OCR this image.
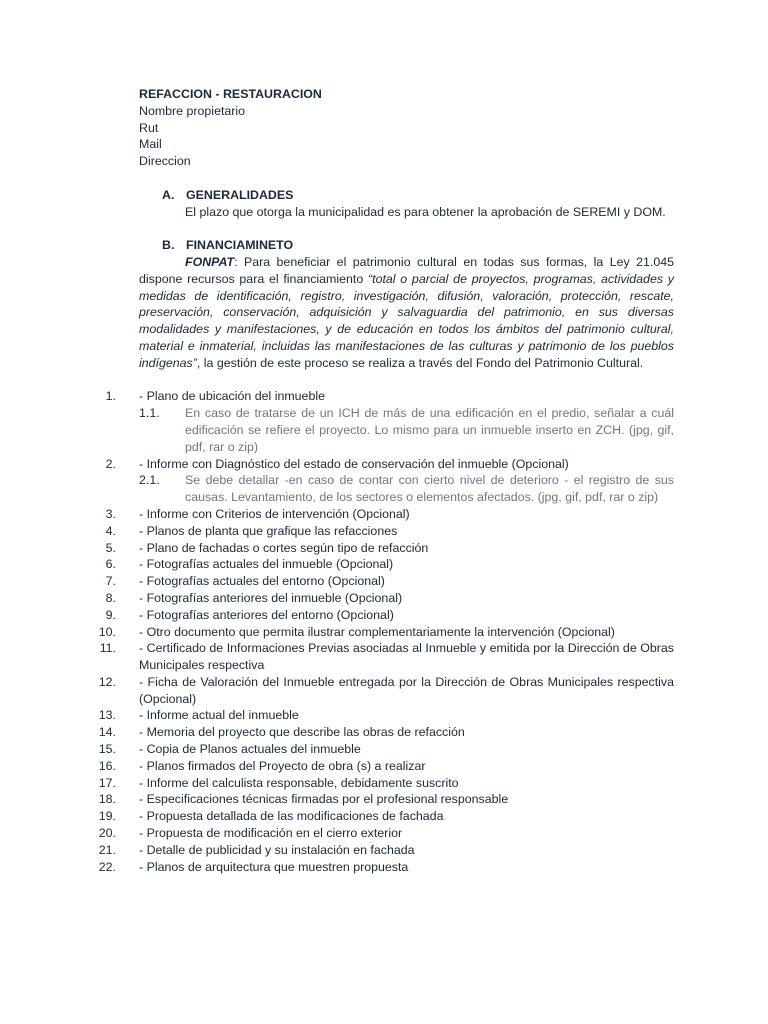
REFACCION - RESTAURACION
Nombre propietario
Rut
Mail
Direccion
A. GENERALIDADES
El plazo que otorga la municipalidad es para obtener la aprobación de SEREMI y DOM.
B. FINANCIAMINETO
FONPAT: Para beneficiar el patrimonio cultural en todas sus formas, la Ley 21.045 dispone recursos para el financiamiento “total o parcial de proyectos, programas, actividades y medidas de identificación, registro, investigación, difusión, valoración, protección, rescate, preservación, conservación, adquisición y salvaguardia del patrimonio, en sus diversas modalidades y manifestaciones, y de educación en todos los ámbitos del patrimonio cultural, material e inmaterial, incluidas las manifestaciones de las culturas y patrimonio de los pueblos indígenas”, la gestión de este proceso se realiza a través del Fondo del Patrimonio Cultural.
1. - Plano de ubicación del inmueble
1.1.	En caso de tratarse de un ICH de más de una edificación en el predio, señalar a cuál edificación se refiere el proyecto. Lo mismo para un inmueble inserto en ZCH. (jpg, gif, pdf, rar o zip)
2. - Informe con Diagnóstico del estado de conservación del inmueble (Opcional)
2.1.	Se debe detallar -en caso de contar con cierto nivel de deterioro - el registro de sus causas. Levantamiento, de los sectores o elementos afectados. (jpg, gif, pdf, rar o zip)
3. - Informe con Criterios de intervención (Opcional)
4. - Planos de planta que grafique las refacciones
5. - Plano de fachadas o cortes según tipo de refacción
6. - Fotografías actuales del inmueble (Opcional)
7. - Fotografías actuales del entorno (Opcional)
8. - Fotografías anteriores del inmueble (Opcional)
9. - Fotografías anteriores del entorno (Opcional)
10. - Otro documento que permita ilustrar complementariamente la intervención (Opcional)
11. - Certificado de Informaciones Previas asociadas al Inmueble y emitida por la Dirección de Obras Municipales respectiva
12. - Ficha de Valoración del Inmueble entregada por la Dirección de Obras Municipales respectiva (Opcional)
13. - Informe actual del inmueble
14. - Memoria del proyecto que describe las obras de refacción
15. - Copia de Planos actuales del inmueble
16. - Planos firmados del Proyecto de obra (s) a realizar
17. - Informe del calculista responsable, debidamente suscrito
18. - Especificaciones técnicas firmadas por el profesional responsable
19. - Propuesta detallada de las modificaciones de fachada
20. - Propuesta de modificación en el cierro exterior
21. - Detalle de publicidad y su instalación en fachada
22. - Planos de arquitectura que muestren propuesta
